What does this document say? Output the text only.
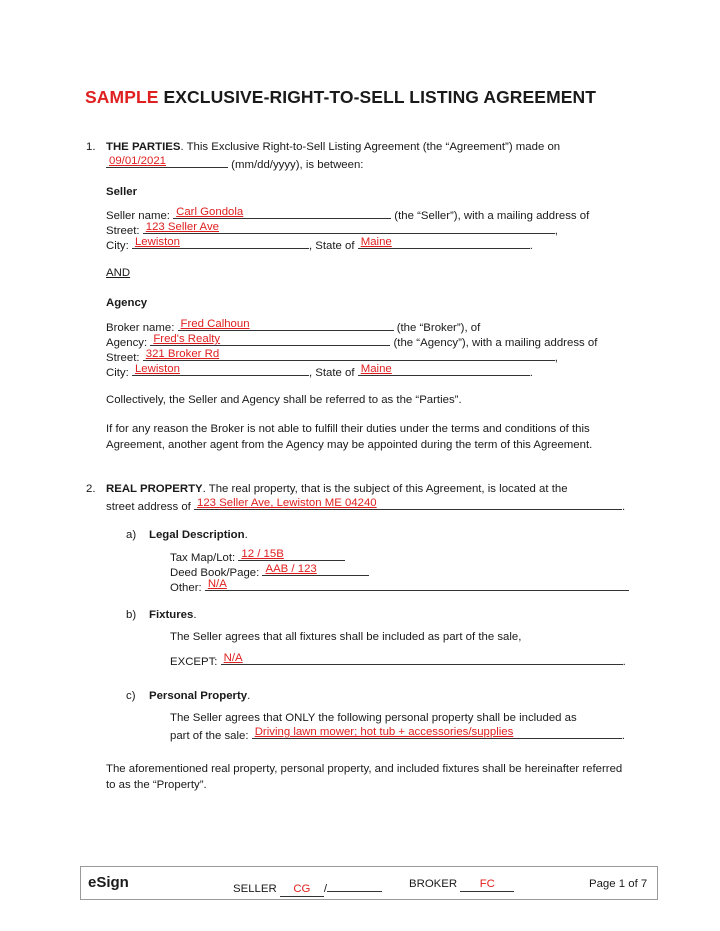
SAMPLE EXCLUSIVE-RIGHT-TO-SELL LISTING AGREEMENT
1. THE PARTIES. This Exclusive Right-to-Sell Listing Agreement (the “Agreement”) made on
09/01/2021	(mm/dd/yyyy), is between:
Seller
Seller name: Carl Gondola	(the “Seller”), with a mailing address of
Street: 123 Seller Ave	,
City: Lewiston	, State of Maine	.
AND
Agency
Broker name: Fred Calhoun	(the “Broker”), of
Agency: Fred's Realty	(the “Agency”), with a mailing address of
Street: 321 Broker Rd	,
City: Lewiston	, State of Maine	.
Collectively, the Seller and Agency shall be referred to as the “Parties”.
If for any reason the Broker is not able to fulfill their duties under the terms and conditions of this Agreement, another agent from the Agency may be appointed during the term of this Agreement.
2. REAL PROPERTY. The real property, that is the subject of this Agreement, is located at the
street address of 123 Seller Ave, Lewiston ME 04240	.
a) Legal Description.
Tax Map/Lot: 12 / 15B
Deed Book/Page: AAB / 123
Other: N/A
b) Fixtures.
The Seller agrees that all fixtures shall be included as part of the sale,
EXCEPT: N/A	.
c) Personal Property.
The Seller agrees that ONLY the following personal property shall be included as
part of the sale: Driving lawn mower; hot tub + accessories/supplies	.
The aforementioned real property, personal property, and included fixtures shall be hereinafter referred to as the “Property”.
eSign	SELLER CG /	BROKER FC	Page 1 of 7
